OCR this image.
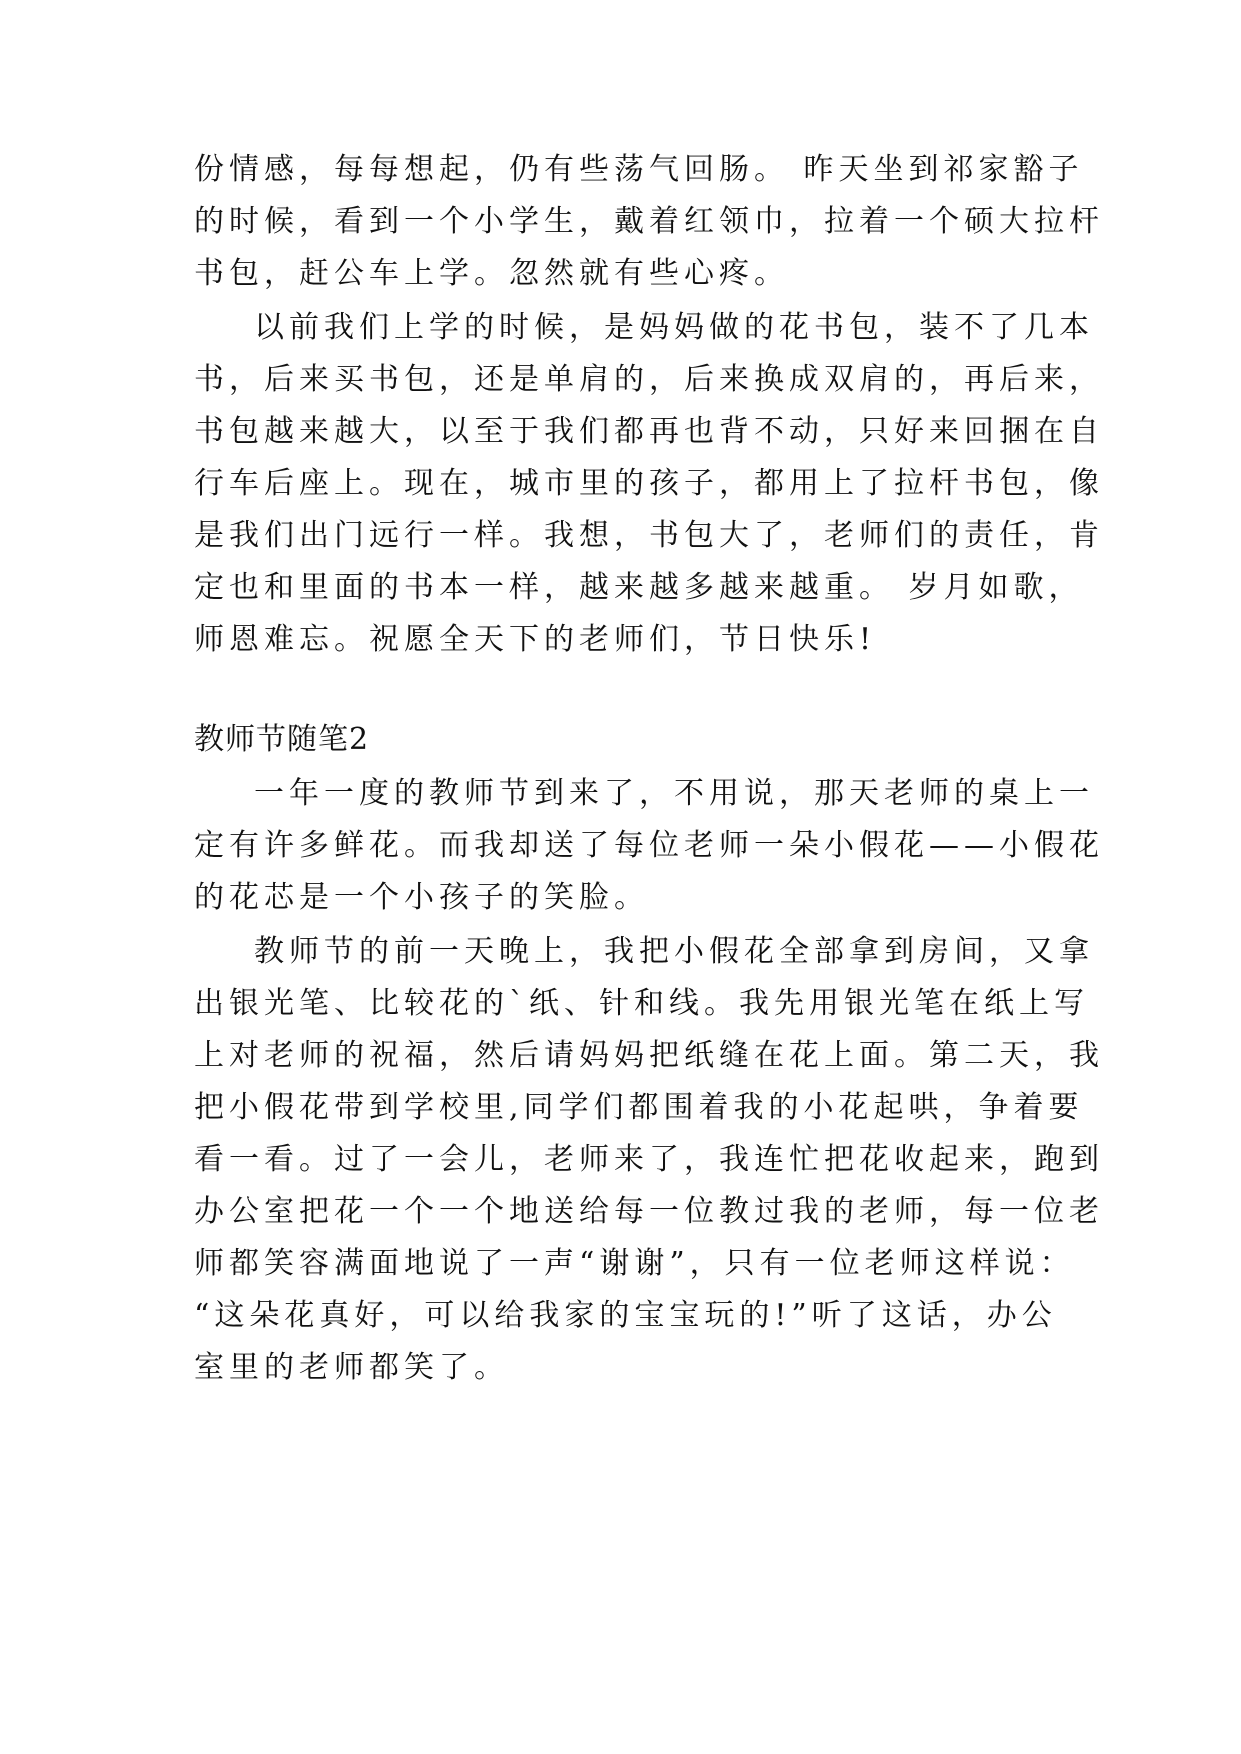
份情感，每每想起，仍有些荡气回肠。 昨天坐到祁家豁子
的时候，看到一个小学生，戴着红领巾，拉着一个硕大拉杆
书包，赶公车上学。忽然就有些心疼。
以前我们上学的时候，是妈妈做的花书包，装不了几本
书，后来买书包，还是单肩的，后来换成双肩的，再后来，
书包越来越大，以至于我们都再也背不动，只好来回捆在自
行车后座上。现在，城市里的孩子，都用上了拉杆书包，像
是我们出门远行一样。我想，书包大了，老师们的责任，肯
定也和里面的书本一样，越来越多越来越重。 岁月如歌，
师恩难忘。祝愿全天下的老师们，节日快乐!
教师节随笔2
一年一度的教师节到来了，不用说，那天老师的桌上一
定有许多鲜花。而我却送了每位老师一朵小假花——小假花
的花芯是一个小孩子的笑脸。
教师节的前一天晚上，我把小假花全部拿到房间，又拿
出银光笔、比较花的`纸、针和线。我先用银光笔在纸上写
上对老师的祝福，然后请妈妈把纸缝在花上面。第二天，我
把小假花带到学校里,同学们都围着我的小花起哄，争着要
看一看。过了一会儿，老师来了，我连忙把花收起来，跑到
办公室把花一个一个地送给每一位教过我的老师，每一位老
师都笑容满面地说了一声“谢谢”，只有一位老师这样说：
“这朵花真好，可以给我家的宝宝玩的!”听了这话，办公
室里的老师都笑了。
